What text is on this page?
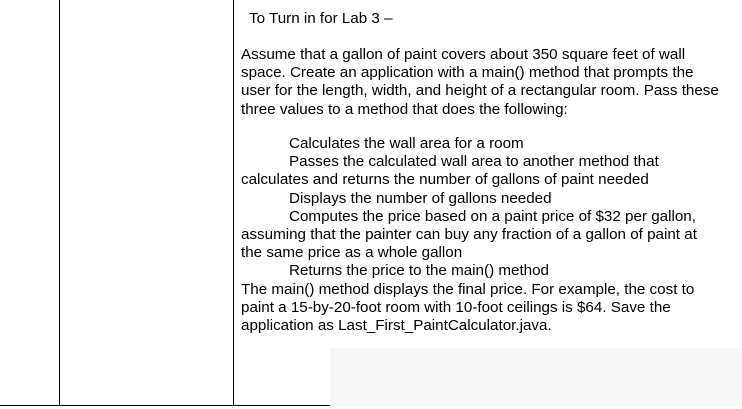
To Turn in for Lab 3 –
Assume that a gallon of paint covers about 350 square feet of wall
space. Create an application with a main() method that prompts the
user for the length, width, and height of a rectangular room. Pass these
three values to a method that does the following:
Calculates the wall area for a room
Passes the calculated wall area to another method that
calculates and returns the number of gallons of paint needed
Displays the number of gallons needed
Computes the price based on a paint price of $32 per gallon,
assuming that the painter can buy any fraction of a gallon of paint at
the same price as a whole gallon
Returns the price to the main() method
The main() method displays the final price. For example, the cost to
paint a 15-by-20-foot room with 10-foot ceilings is $64. Save the
application as Last_First_PaintCalculator.java.
